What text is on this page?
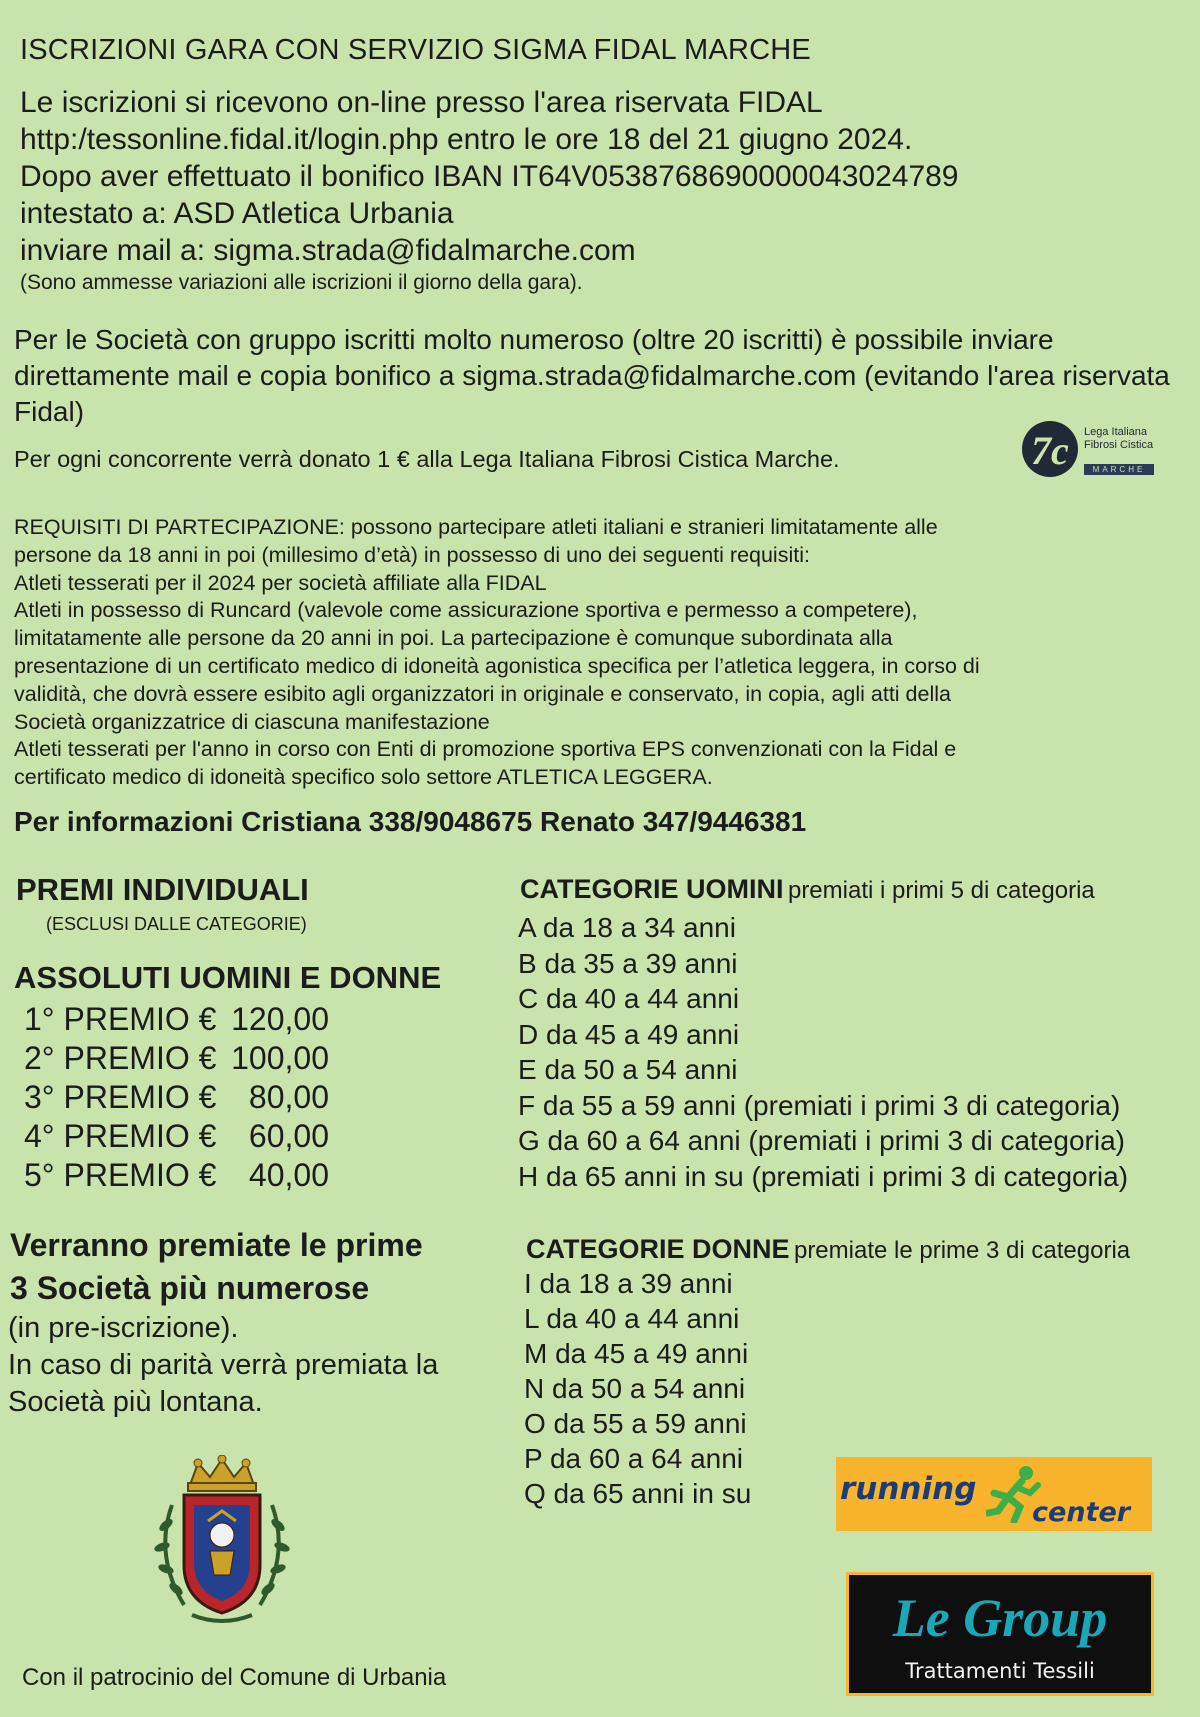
ISCRIZIONI GARA CON SERVIZIO SIGMA FIDAL MARCHE
Le iscrizioni si ricevono on-line presso l'area riservata FIDAL
http:/tessonline.fidal.it/login.php entro le ore 18 del 21 giugno 2024.
Dopo aver effettuato il bonifico IBAN IT64V0538768690000043024789
intestato a: ASD Atletica Urbania
inviare mail a: sigma.strada@fidalmarche.com
(Sono ammesse variazioni alle iscrizioni il giorno della gara).
Per le Società con gruppo iscritti molto numeroso (oltre 20 iscritti) è possibile inviare direttamente mail e copia bonifico a sigma.strada@fidalmarche.com (evitando l'area riservata Fidal)
Per ogni concorrente verrà donato 1 € alla Lega Italiana Fibrosi Cistica Marche.	7c Lega Italiana
Fibrosi Cistica
MARCHE
REQUISITI DI PARTECIPAZIONE: possono partecipare atleti italiani e stranieri limitatamente alle
persone da 18 anni in poi (millesimo d’età) in possesso di uno dei seguenti requisiti:
Atleti tesserati per il 2024 per società affiliate alla FIDAL
Atleti in possesso di Runcard (valevole come assicurazione sportiva e permesso a competere),
limitatamente alle persone da 20 anni in poi. La partecipazione è comunque subordinata alla
presentazione di un certificato medico di idoneità agonistica specifica per l’atletica leggera, in corso di
validità, che dovrà essere esibito agli organizzatori in originale e conservato, in copia, agli atti della
Società organizzatrice di ciascuna manifestazione
Atleti tesserati per l'anno in corso con Enti di promozione sportiva EPS convenzionati con la Fidal e
certificato medico di idoneità specifico solo settore ATLETICA LEGGERA.
Per informazioni Cristiana 338/9048675 Renato 347/9446381
PREMI INDIVIDUALI
(ESCLUSI DALLE CATEGORIE)
ASSOLUTI UOMINI E DONNE
1° PREMIO € 120,00
2° PREMIO € 100,00
3° PREMIO €	80,00
4° PREMIO €	60,00
5° PREMIO €	40,00
Verranno premiate le prime
3 Società più numerose
(in pre-iscrizione).
In caso di parità verrà premiata la
Società più lontana.
CATEGORIE UOMINI premiati i primi 5 di categoria
A da 18 a 34 anni
B da 35 a 39 anni
C da 40 a 44 anni
D da 45 a 49 anni
E da 50 a 54 anni
F da 55 a 59 anni (premiati i primi 3 di categoria)
G da 60 a 64 anni (premiati i primi 3 di categoria)
H da 65 anni in su (premiati i primi 3 di categoria)
CATEGORIE DONNE premiate le prime 3 di categoria
I da 18 a 39 anni
L da 40 a 44 anni
M da 45 a 49 anni
N da 50 a 54 anni
O da 55 a 59 anni
P da 60 a 64 anni
Q da 65 anni in su
Con il patrocinio del Comune di Urbania
running
center
Le Group
Trattamenti Tessili
